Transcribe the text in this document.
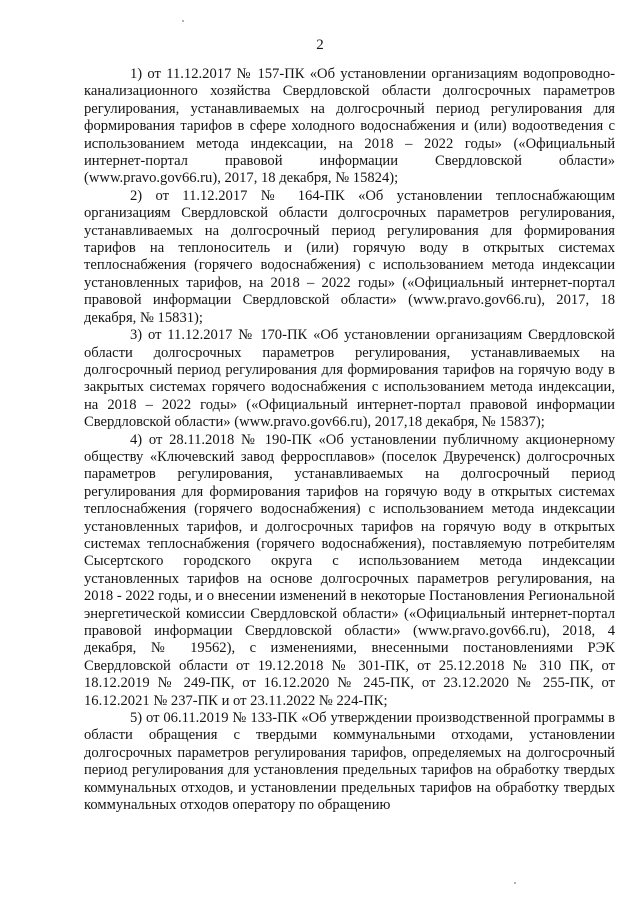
2

1) от 11.12.2017 № 157-ПК «Об установлении организациям водопроводно-канализационного хозяйства Свердловской области долгосрочных параметров регулирования, устанавливаемых на долгосрочный период регулирования для формирования тарифов в сфере холодного водоснабжения и (или) водоотведения с использованием метода индексации, на 2018 – 2022 годы» («Официальный интернет-портал правовой информации Свердловской области» (www.pravo.gov66.ru), 2017, 18 декабря, № 15824);

2) от 11.12.2017 № 164-ПК «Об установлении теплоснабжающим организациям Свердловской области долгосрочных параметров регулирования, устанавливаемых на долгосрочный период регулирования для формирования тарифов на теплоноситель и (или) горячую воду в открытых системах теплоснабжения (горячего водоснабжения) с использованием метода индексации установленных тарифов, на 2018 – 2022 годы» («Официальный интернет-портал правовой информации Свердловской области» (www.pravo.gov66.ru), 2017, 18 декабря, № 15831);

3) от 11.12.2017 № 170-ПК «Об установлении организациям Свердловской области долгосрочных параметров регулирования, устанавливаемых на долгосрочный период регулирования для формирования тарифов на горячую воду в закрытых системах горячего водоснабжения с использованием метода индексации, на 2018 – 2022 годы» («Официальный интернет-портал правовой информации Свердловской области» (www.pravo.gov66.ru), 2017,18 декабря, № 15837);

4) от 28.11.2018 № 190-ПК «Об установлении публичному акционерному обществу «Ключевский завод ферросплавов» (поселок Двуреченск) долгосрочных параметров регулирования, устанавливаемых на долгосрочный период регулирования для формирования тарифов на горячую воду в открытых системах теплоснабжения (горячего водоснабжения) с использованием метода индексации установленных тарифов, и долгосрочных тарифов на горячую воду в открытых системах теплоснабжения (горячего водоснабжения), поставляемую потребителям Сысертского городского округа с использованием метода индексации установленных тарифов на основе долгосрочных параметров регулирования, на 2018 - 2022 годы, и о внесении изменений в некоторые Постановления Региональной энергетической комиссии Свердловской области» («Официальный интернет-портал правовой информации Свердловской области» (www.pravo.gov66.ru), 2018, 4 декабря, № 19562), с изменениями, внесенными постановлениями РЭК Свердловской области от 19.12.2018 № 301-ПК, от 25.12.2018 № 310 ПК, от 18.12.2019 № 249-ПК, от 16.12.2020 № 245-ПК, от 23.12.2020 № 255-ПК, от 16.12.2021 № 237-ПК и от 23.11.2022 № 224-ПК;

5) от 06.11.2019 № 133-ПК «Об утверждении производственной программы в области обращения с твердыми коммунальными отходами, установлении долгосрочных параметров регулирования тарифов, определяемых на долгосрочный период регулирования для установления предельных тарифов на обработку твердых коммунальных отходов, и установлении предельных тарифов на обработку твердых коммунальных отходов оператору по обращению
